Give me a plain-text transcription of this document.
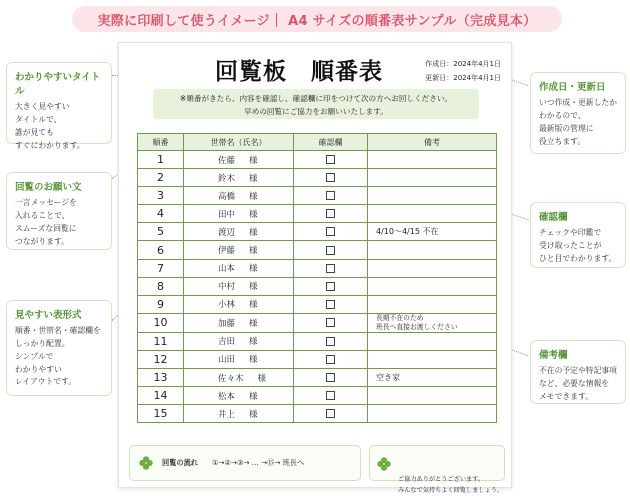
実際に印刷して使うイメージ｜ A4 サイズの順番表サンプル（完成見本）
わかりやすいタイトル
大きく見やすい
タイトルで、
誰が見ても
すぐにわかります。
回覧のお願い文
一言メッセージを
入れることで、
スムーズな回覧に
つながります。
見やすい表形式
順番・世帯名・確認欄を
しっかり配置。
シンプルで
わかりやすい
レイアウトです。
作成日・更新日
いつ作成・更新したか
わかるので、
最新版の管理に
役立ちます。
確認欄
チェックや印鑑で
受け取ったことが
ひと目でわかります。
備考欄
不在の予定や特記事項
など、必要な情報を
メモできます。
回覧板　順番表	作成日：2024年4月1日
更新日：2024年4月1日
※順番がきたら、内容を確認し、確認欄に印をつけて次の方へお回しください。
早めの回覧にご協力をお願いいたします。
順番	世帯名（氏名）	確認欄	備考
1	佐藤 様		
2	鈴木 様		
3	高橋 様		
4	田中 様		
5	渡辺 様		4/10〜4/15 不在
6	伊藤 様		
7	山本 様		
8	中村 様		
9	小林 様		
10	加藤 様		長期不在のため
班長へ直接お渡しください
11	吉田 様		
12	山田 様		
13	佐々木 様		空き家
14	松本 様		
15	井上 様		
回覧の流れ ①→②→③→ … →⑮→ 班長へ

ご協力ありがとうございます。
みんなで気持ちよく回覧しましょう。
